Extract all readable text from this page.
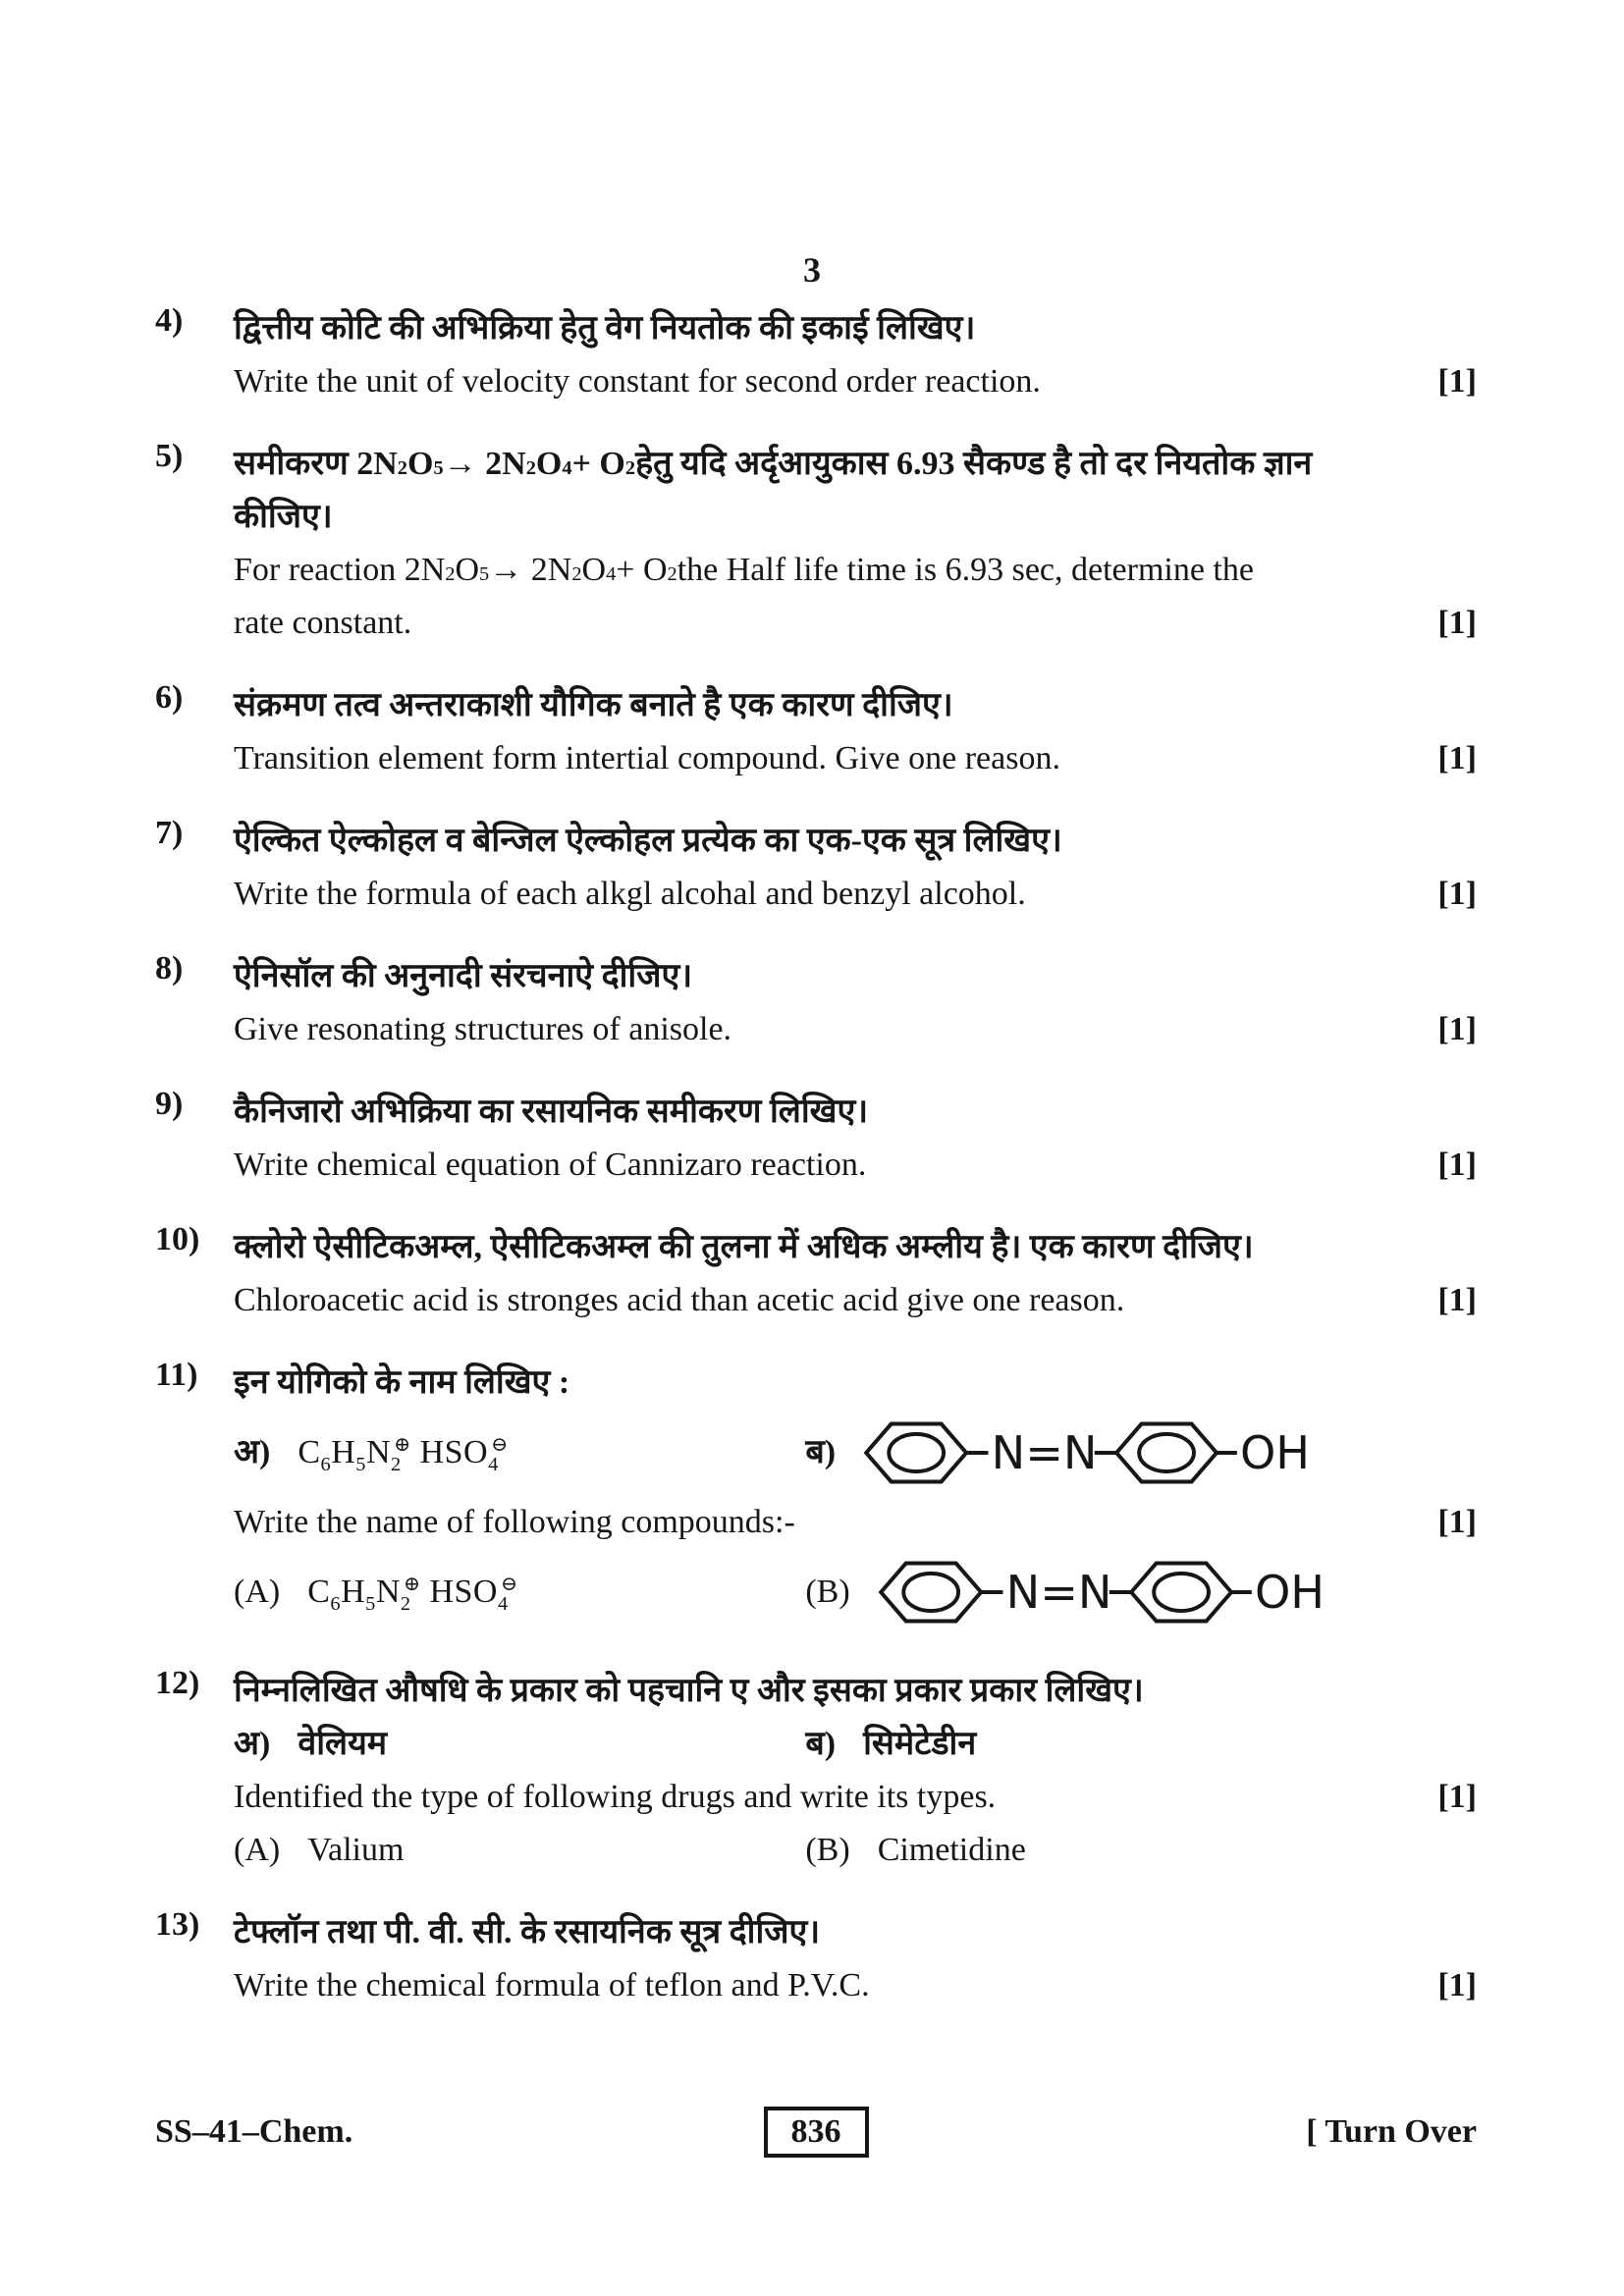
3
4)	द्वित्तीय कोटि की अभिक्रिया हेतु वेग नियतोक की इकाई लिखिए।
Write the unit of velocity constant for second order reaction.	[1]
5)	समीकरण 2N 2 O 5 → 2N 2 O 4 + O 2 हेतु यदि अर्दृआयुकास 6.93 सैकण्ड है तो दर नियतोक ज्ञान
कीजिए।
For reaction 2N 2 O 5 → 2N 2 O 4 + O 2 the Half life time is 6.93 sec, determine the
rate constant.	[1]
6)	संक्रमण तत्व अन्तराकाशी यौगिक बनाते है एक कारण दीजिए।
Transition element form intertial compound. Give one reason.	[1]
7)	ऐल्कित ऐल्कोहल व बेन्जिल ऐल्कोहल प्रत्येक का एक-एक सूत्र लिखिए।
Write the formula of each alkgl alcohal and benzyl alcohol.	[1]
8)	ऐनिसॉल की अनुनादी संरचनाऐ दीजिए।
Give resonating structures of anisole.	[1]
9)	कैनिजारो अभिक्रिया का रसायनिक समीकरण लिखिए।
Write chemical equation of Cannizaro reaction.	[1]
10)	क्लोरो ऐसीटिकअम्ल, ऐसीटिकअम्ल की तुलना में अधिक अम्लीय है। एक कारण दीजिए।
Chloroacetic acid is stronges acid than acetic acid give one reason.	[1]
11)	इन योगिको के नाम लिखिए :
अ) $C_6H_5N_2^\oplus$ $HSO_4^⊖$	ब)	N=N	OH
Write the name of following compounds:-	[1]
(A) $C_6H_5N_2^\oplus$ $HSO_4^⊖$	(B)	N=N	OH
12)	निम्नलिखित औषधि के प्रकार को पहचानि ए और इसका प्रकार प्रकार लिखिए।
अ) वेलियम	ब) सिमेटेडीन
Identified the type of following drugs and write its types.	[1]
(A) Valium	(B) Cimetidine
13)	टेफ्लॉन तथा पी. वी. सी. के रसायनिक सूत्र दीजिए।
Write the chemical formula of teflon and P.V.C.	[1]
SS–41–Chem.	836	[ Turn Over
